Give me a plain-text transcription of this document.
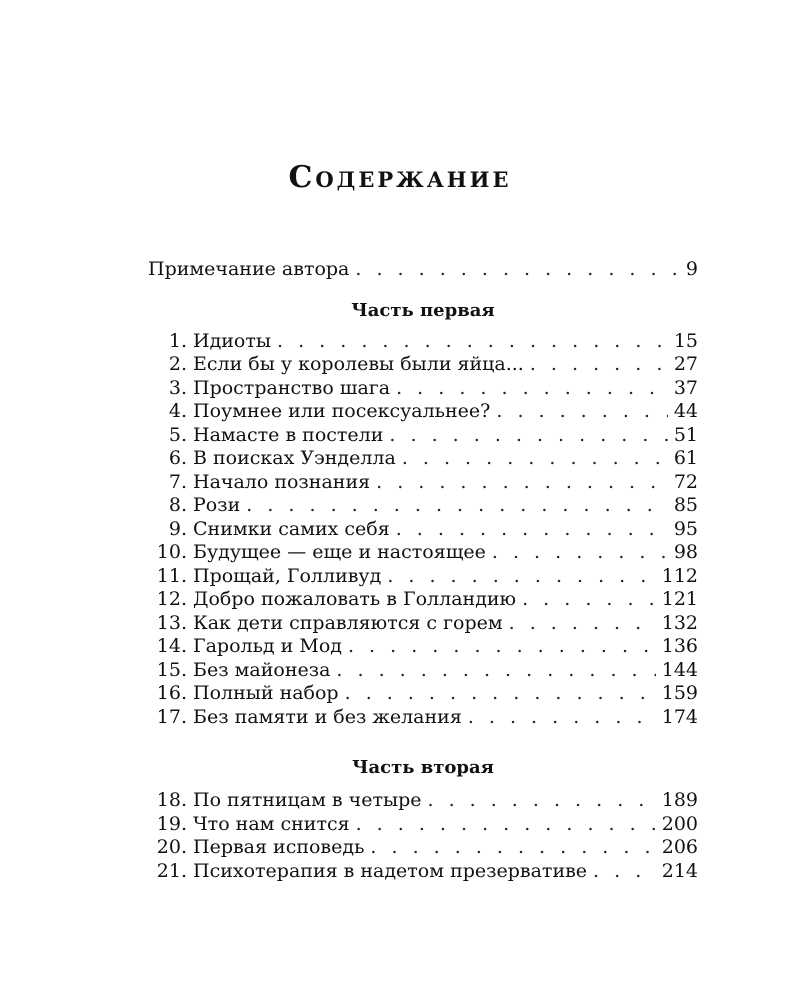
Содержание
Примечание автора . . .	9
Часть первая
1. Идиоты . . .	15
2. Если бы у королевы были яйца... . . .	27
3. Пространство шага . . .	37
4. Поумнее или посексуальнее? . . .	44
5. Намасте в постели . . .	51
6. В поисках Уэнделла . . .	61
7. Начало познания . . .	72
8. Рози . . .	85
9. Снимки самих себя . . .	95
10. Будущее — еще и настоящее . . .	98
11. Прощай, Голливуд . . .	112
12. Добро пожаловать в Голландию . . .	121
13. Как дети справляются с горем . . .	132
14. Гарольд и Мод . . .	136
15. Без майонеза . . .	144
16. Полный набор . . .	159
17. Без памяти и без желания . . .	174
Часть вторая
18. По пятницам в четыре . . .	189
19. Что нам снится . . .	200
20. Первая исповедь . . .	206
21. Психотерапия в надетом презервативе . . .	214
